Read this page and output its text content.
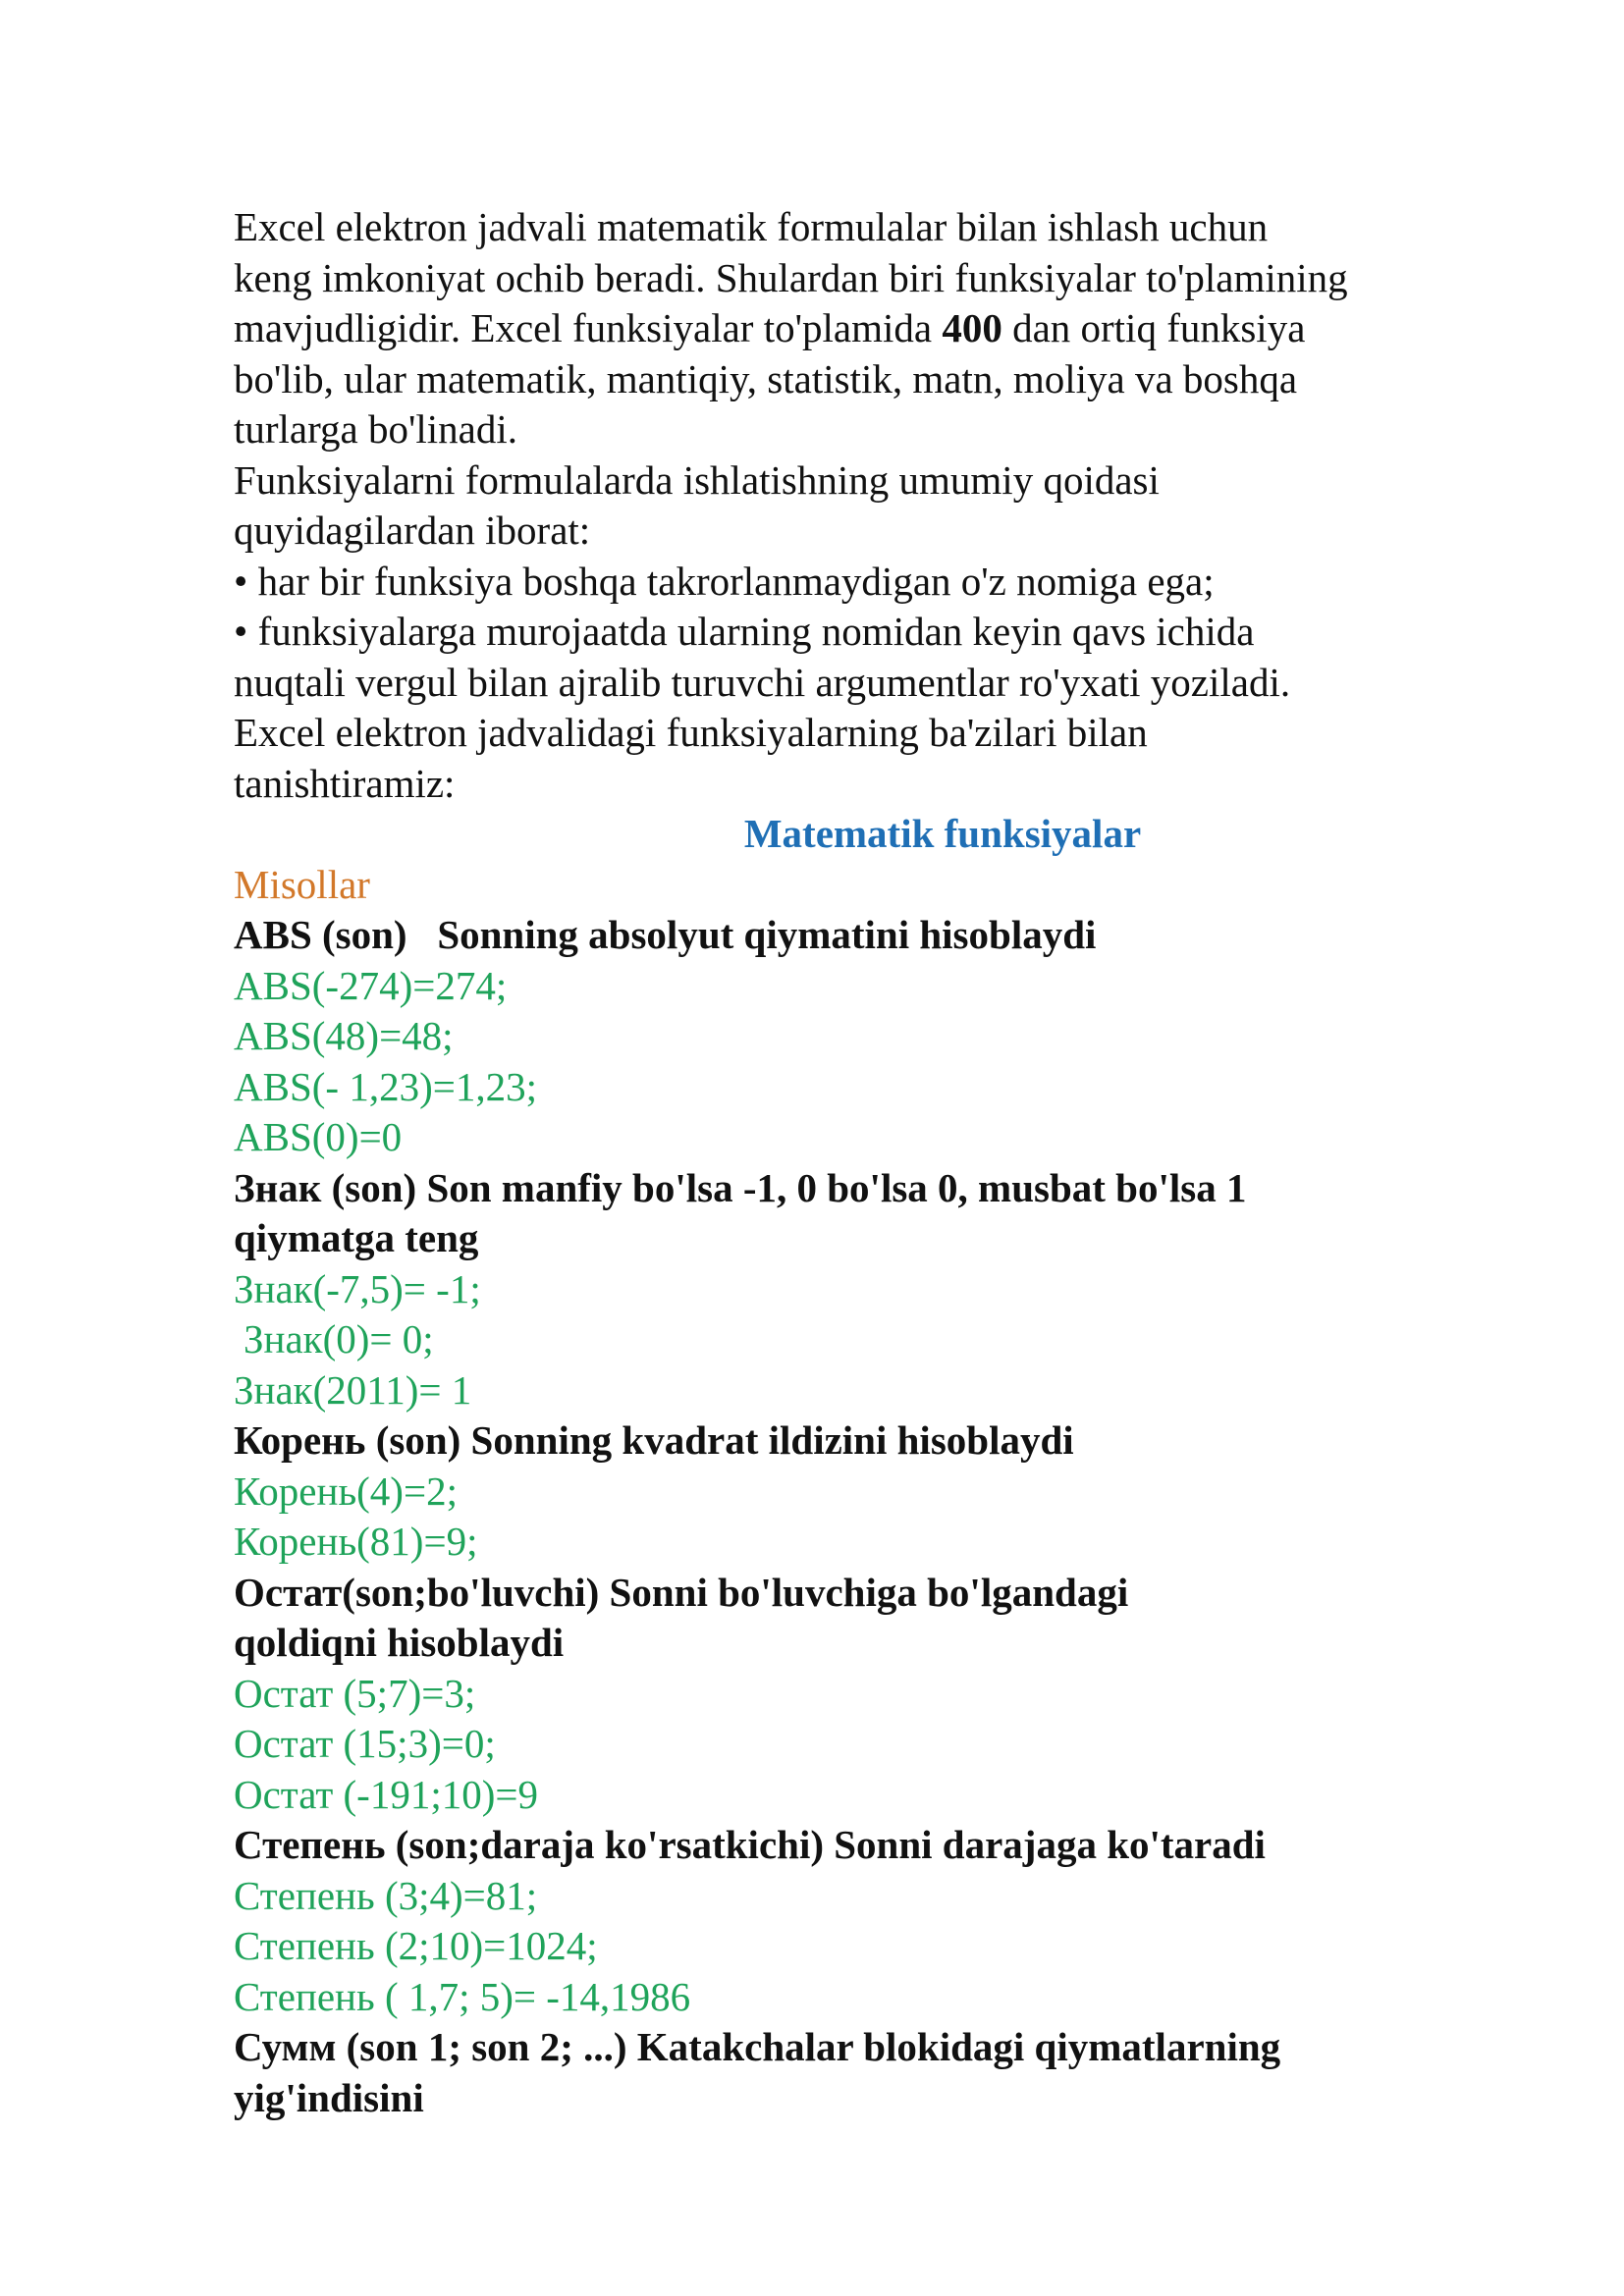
Excel elektron jadvali matematik formulalar bilan ishlash uchun
keng imkoniyat ochib beradi. Shulardan biri funksiyalar to'plamining
mavjudligidir. Excel funksiyalar to'plamida 400 dan ortiq funksiya
bo'lib, ular matematik, mantiqiy, statistik, matn, moliya va boshqa
turlarga bo'linadi.
Funksiyalarni formulalarda ishlatishning umumiy qoidasi
quyidagilardan iborat:
• har bir funksiya boshqa takrorlanmaydigan o'z nomiga ega;
• funksiyalarga murojaatda ularning nomidan keyin qavs ichida
nuqtali vergul bilan ajralib turuvchi argumentlar ro'yxati yoziladi.
Excel elektron jadvalidagi funksiyalarning ba'zilari bilan
tanishtiramiz:
Matematik funksiyalar
Misollar
ABS (son)   Sonning absolyut qiymatini hisoblaydi
ABS(-274)=274;
ABS(48)=48;
ABS(- 1,23)=1,23;
ABS(0)=0
Знак (son) Son manfiy bo'lsa -1, 0 bo'lsa 0, musbat bo'lsa 1
qiymatga teng
Знак(-7,5)= -1;
Знак(0)= 0;
Знак(2011)= 1
Корень (son) Sonning kvadrat ildizini hisoblaydi
Корень(4)=2;
Корень(81)=9;
Остат(son;bo'luvchi) Sonni bo'luvchiga bo'lgandagi
qoldiqni hisoblaydi
Остат (5;7)=3;
Остат (15;3)=0;
Остат (-191;10)=9
Степень (son;daraja ko'rsatkichi) Sonni darajaga ko'taradi
Степень (3;4)=81;
Степень (2;10)=1024;
Степень ( 1,7; 5)= -14,1986
Сумм (son 1; son 2; ...) Katakchalar blokidagi qiymatlarning
yig'indisini
